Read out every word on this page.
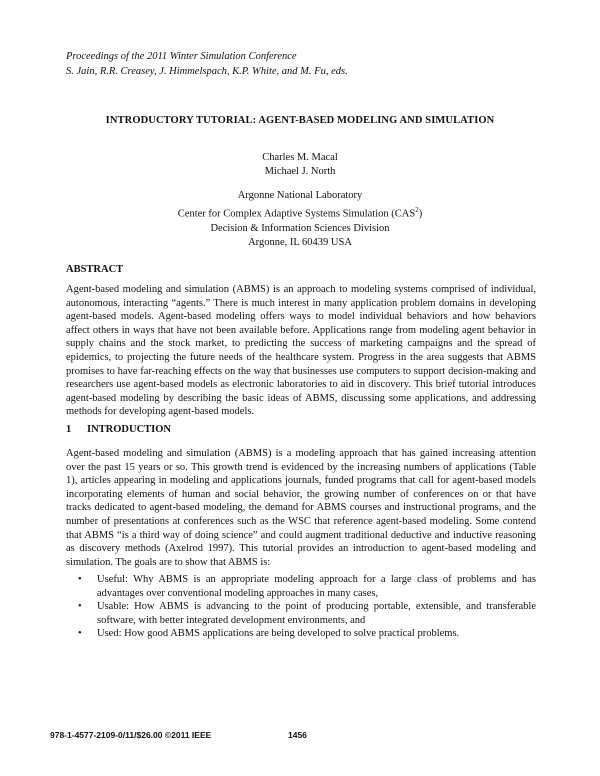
Proceedings of the 2011 Winter Simulation Conference
S. Jain, R.R. Creasey, J. Himmelspach, K.P. White, and M. Fu, eds.
INTRODUCTORY TUTORIAL: AGENT-BASED MODELING AND SIMULATION
Charles M. Macal
Michael J. North
Argonne National Laboratory
Center for Complex Adaptive Systems Simulation (CAS$^2$)
Decision & Information Sciences Division
Argonne, IL 60439 USA
ABSTRACT

Agent-based modeling and simulation (ABMS) is an approach to modeling systems comprised of individual, autonomous, interacting “agents.” There is much interest in many application problem domains in developing agent-based models. Agent-based modeling offers ways to model individual behaviors and how behaviors affect others in ways that have not been available before. Applications range from modeling agent behavior in supply chains and the stock market, to predicting the success of marketing campaigns and the spread of epidemics, to projecting the future needs of the healthcare system. Progress in the area suggests that ABMS promises to have far-reaching effects on the way that businesses use computers to support decision-making and researchers use agent-based models as electronic laboratories to aid in discovery. This brief tutorial introduces agent-based modeling by describing the basic ideas of ABMS, discussing some applications, and addressing methods for developing agent-based models.

1      INTRODUCTION

Agent-based modeling and simulation (ABMS) is a modeling approach that has gained increasing attention over the past 15 years or so. This growth trend is evidenced by the increasing numbers of applications (Table 1), articles appearing in modeling and applications journals, funded programs that call for agent-based models incorporating elements of human and social behavior, the growing number of conferences on or that have tracks dedicated to agent-based modeling, the demand for ABMS courses and instructional programs, and the number of presentations at conferences such as the WSC that reference agent-based modeling. Some contend that ABMS “is a third way of doing science” and could augment traditional deductive and inductive reasoning as discovery methods (Axelrod 1997). This tutorial provides an introduction to agent-based modeling and simulation. The goals are to show that ABMS is:

• Useful: Why ABMS is an appropriate modeling approach for a large class of problems and has advantages over conventional modeling approaches in many cases,
• Usable: How ABMS is advancing to the point of producing portable, extensible, and transferable software, with better integrated development environments, and
• Used: How good ABMS applications are being developed to solve practical problems.
978-1-4577-2109-0/11/$26.00 ©2011 IEEE	1456
